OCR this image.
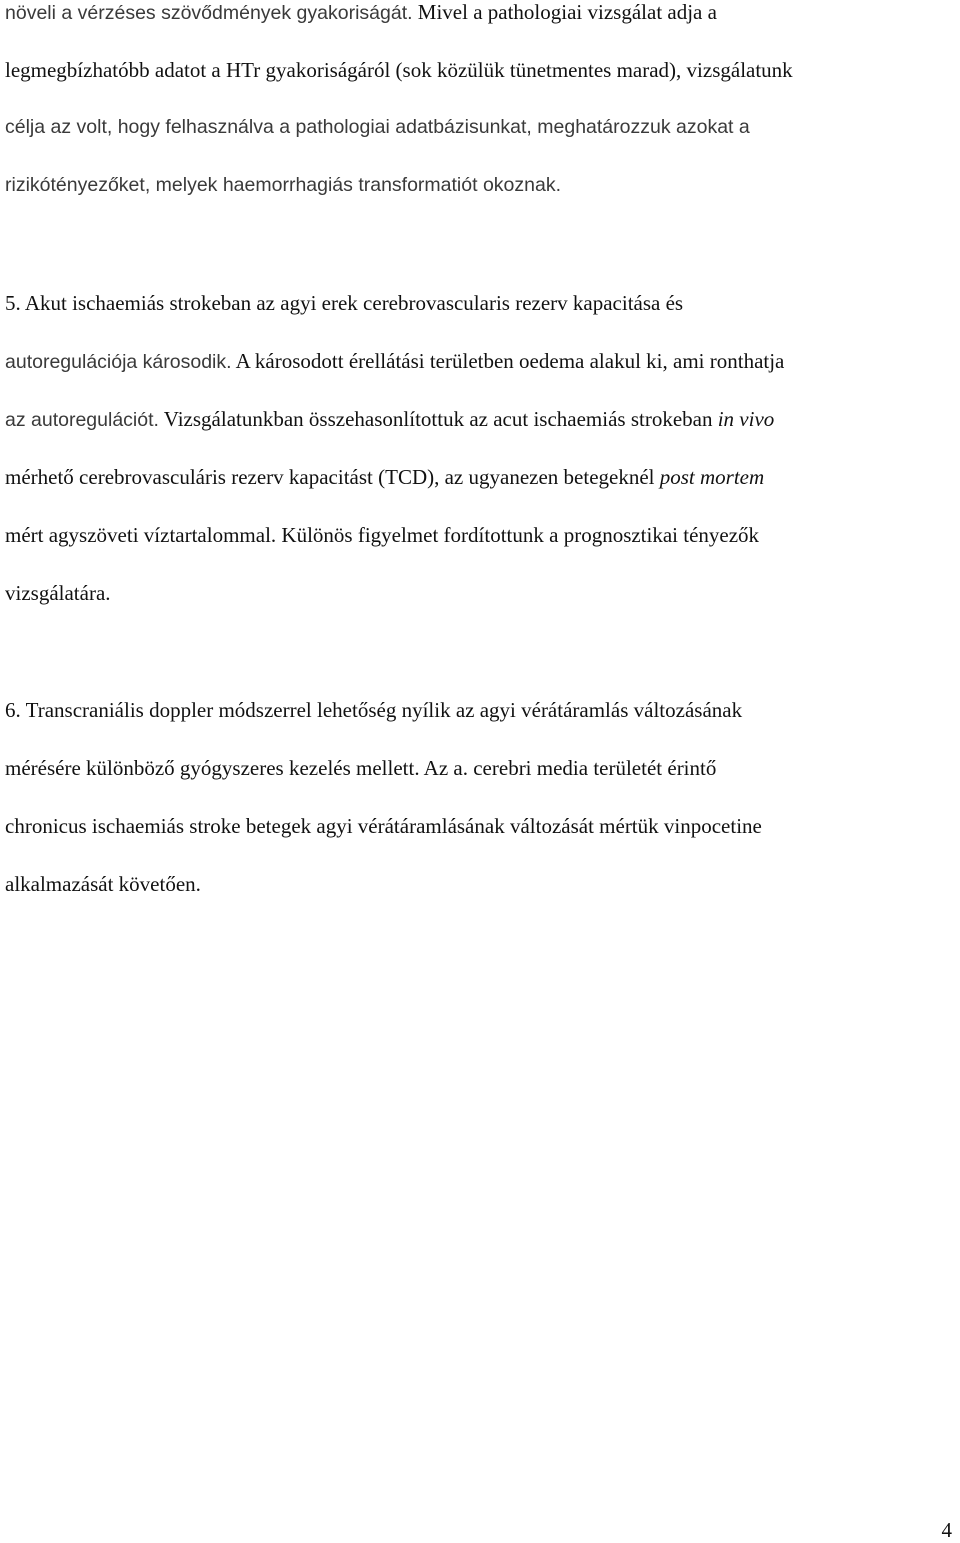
növeli a vérzéses szövődmények gyakoriságát. Mivel a pathologiai vizsgálat adja a
legmegbízhatóbb adatot a HTr gyakoriságáról (sok közülük tünetmentes marad), vizsgálatunk
célja az volt, hogy felhasználva a pathologiai adatbázisunkat, meghatározzuk azokat a
rizikótényezőket, melyek haemorrhagiás transformatiót okoznak.
5. Akut ischaemiás strokeban az agyi erek cerebrovascularis rezerv kapacitása és
autoregulációja károsodik. A károsodott érellátási területben oedema alakul ki, ami ronthatja
az autoregulációt. Vizsgálatunkban összehasonlítottuk az acut ischaemiás strokeban in vivo
mérhető cerebrovasculáris rezerv kapacitást (TCD), az ugyanezen betegeknél post mortem
mért agyszöveti víztartalommal. Különös figyelmet fordítottunk a prognosztikai tényezők
vizsgálatára.
6. Transcraniális doppler módszerrel lehetőség nyílik az agyi vérátáramlás változásának
mérésére különböző gyógyszeres kezelés mellett. Az a. cerebri media területét érintő
chronicus ischaemiás stroke betegek agyi vérátáramlásának változását mértük vinpocetine
alkalmazását követően.
4
